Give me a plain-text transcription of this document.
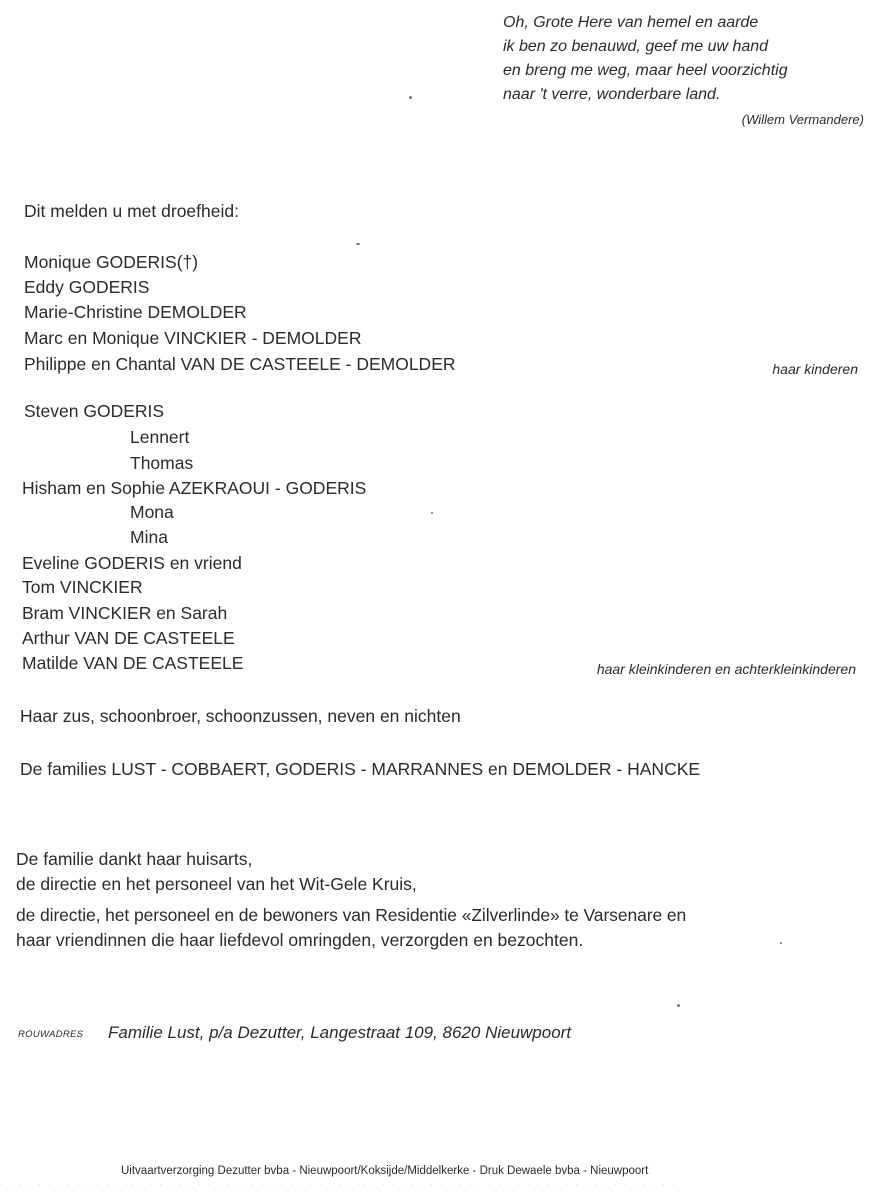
Oh, Grote Here van hemel en aarde
ik ben zo benauwd, geef me uw hand
en breng me weg, maar heel voorzichtig
naar 't verre, wonderbare land.
(Willem Vermandere)
Dit melden u met droefheid:
Monique GODERIS(†)
Eddy GODERIS
Marie-Christine DEMOLDER
Marc en Monique VINCKIER - DEMOLDER
Philippe en Chantal VAN DE CASTEELE - DEMOLDER	haar kinderen
Steven GODERIS
Lennert
Thomas
Hisham en Sophie AZEKRAOUI - GODERIS
Mona
Mina
Eveline GODERIS en vriend
Tom VINCKIER
Bram VINCKIER en Sarah
Arthur VAN DE CASTEELE
Matilde VAN DE CASTEELE	haar kleinkinderen en achterkleinkinderen
Haar zus, schoonbroer, schoonzussen, neven en nichten
De families LUST - COBBAERT, GODERIS - MARRANNES en DEMOLDER - HANCKE
De familie dankt haar huisarts,
de directie en het personeel van het Wit-Gele Kruis,
de directie, het personeel en de bewoners van Residentie «Zilverlinde» te Varsenare en
haar vriendinnen die haar liefdevol omringden, verzorgden en bezochten.
ROUWADRES Familie Lust, p/a Dezutter, Langestraat 109, 8620 Nieuwpoort
Uitvaartverzorging Dezutter bvba - Nieuwpoort/Koksijde/Middelkerke - Druk Dewaele bvba - Nieuwpoort
· · · · · · · · · · · · · ·· · · · · · · · · · · ·· · · · · · · · · · · · ·· · · · · · · · · · · · · · · · · · · · · · · · · · · · · · · · ·
